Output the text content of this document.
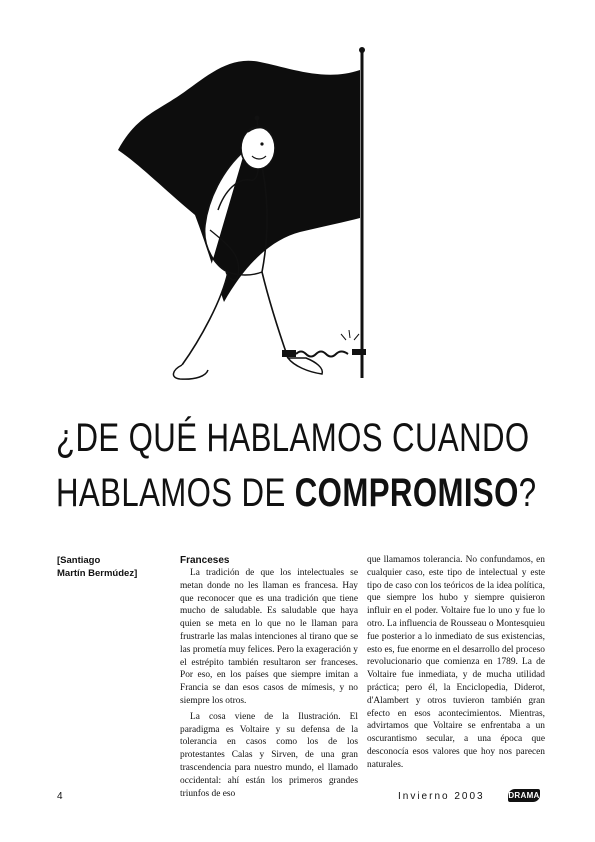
¿DE QUÉ HABLAMOS CUANDO
HABLAMOS DE COMPROMISO?
[Santiago
Martín Bermúdez]
Franceses

La tradición de que los intelectuales se metan donde no les llaman es francesa. Hay que reconocer que es una tradición que tiene mucho de saludable. Es saludable que haya quien se meta en lo que no le llaman para frustrarle las malas intenciones al tirano que se las prometía muy felices. Pero la exageración y el estrépito también resultaron ser franceses. Por eso, en los países que siempre imitan a Francia se dan esos casos de mímesis, y no siempre los otros.

La cosa viene de la Ilustración. El paradigma es Voltaire y su defensa de la tolerancia en casos como los de los protestantes Calas y Sirven, de una gran trascendencia para nuestro mundo, el llamado occidental: ahí están los primeros grandes triunfos de eso

que llamamos tolerancia. No confundamos, en cualquier caso, este tipo de intelectual y este tipo de caso con los teóricos de la idea política, que siempre los hubo y siempre quisieron influir en el poder. Voltaire fue lo uno y fue lo otro. La influencia de Rousseau o Montesquieu fue posterior a lo inmediato de sus existencias, esto es, fue enorme en el desarrollo del proceso revolucionario que comienza en 1789. La de Voltaire fue inmediata, y de mucha utilidad práctica; pero él, la Enciclopedia, Diderot, d'Alambert y otros tuvieron también gran efecto en esos acontecimientos. Mientras, advirtamos que Voltaire se enfrentaba a un oscurantismo secular, a una época que desconocía esos valores que hoy nos parecen naturales.

4	Invierno 2003	DRAMA
